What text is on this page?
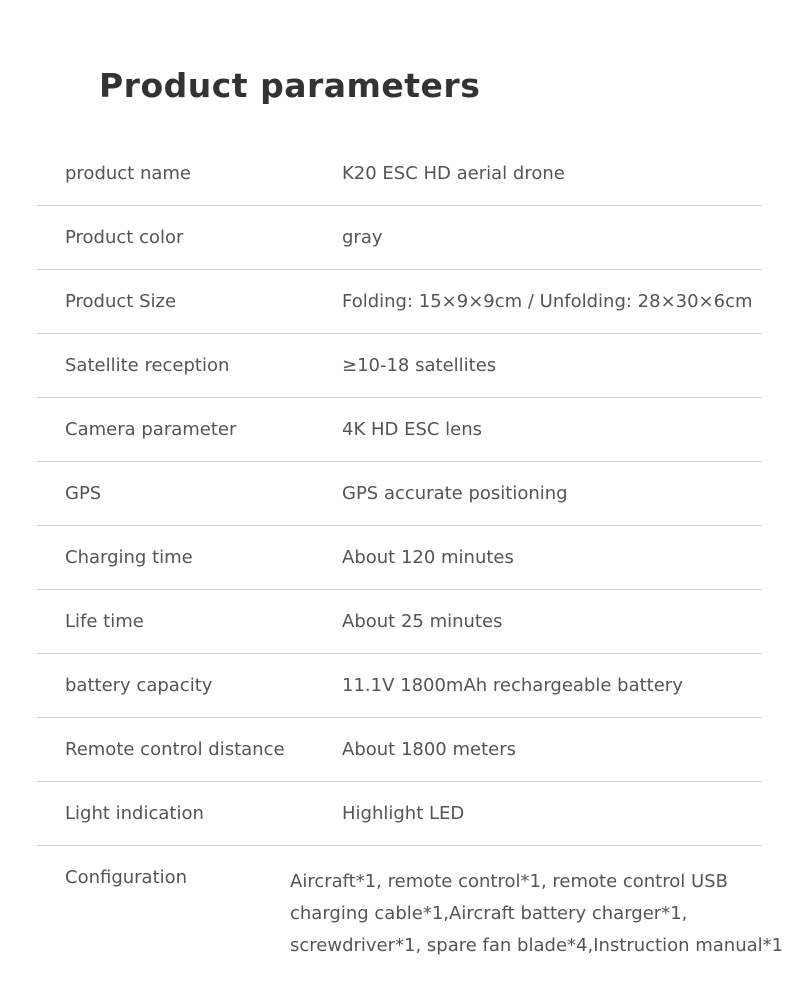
Product parameters
product name	K20 ESC HD aerial drone
Product color	gray
Product Size	Folding: 15×9×9cm / Unfolding: 28×30×6cm
Satellite reception	≥10-18 satellites
Camera parameter	4K HD ESC lens
GPS	GPS accurate positioning
Charging time	About 120 minutes
Life time	About 25 minutes
battery capacity	11.1V 1800mAh rechargeable battery
Remote control distance	About 1800 meters
Light indication	Highlight LED
Configuration	Aircraft*1, remote control*1, remote control USB charging cable*1,Aircraft battery charger*1, screwdriver*1, spare fan blade*4,Instruction manual*1
